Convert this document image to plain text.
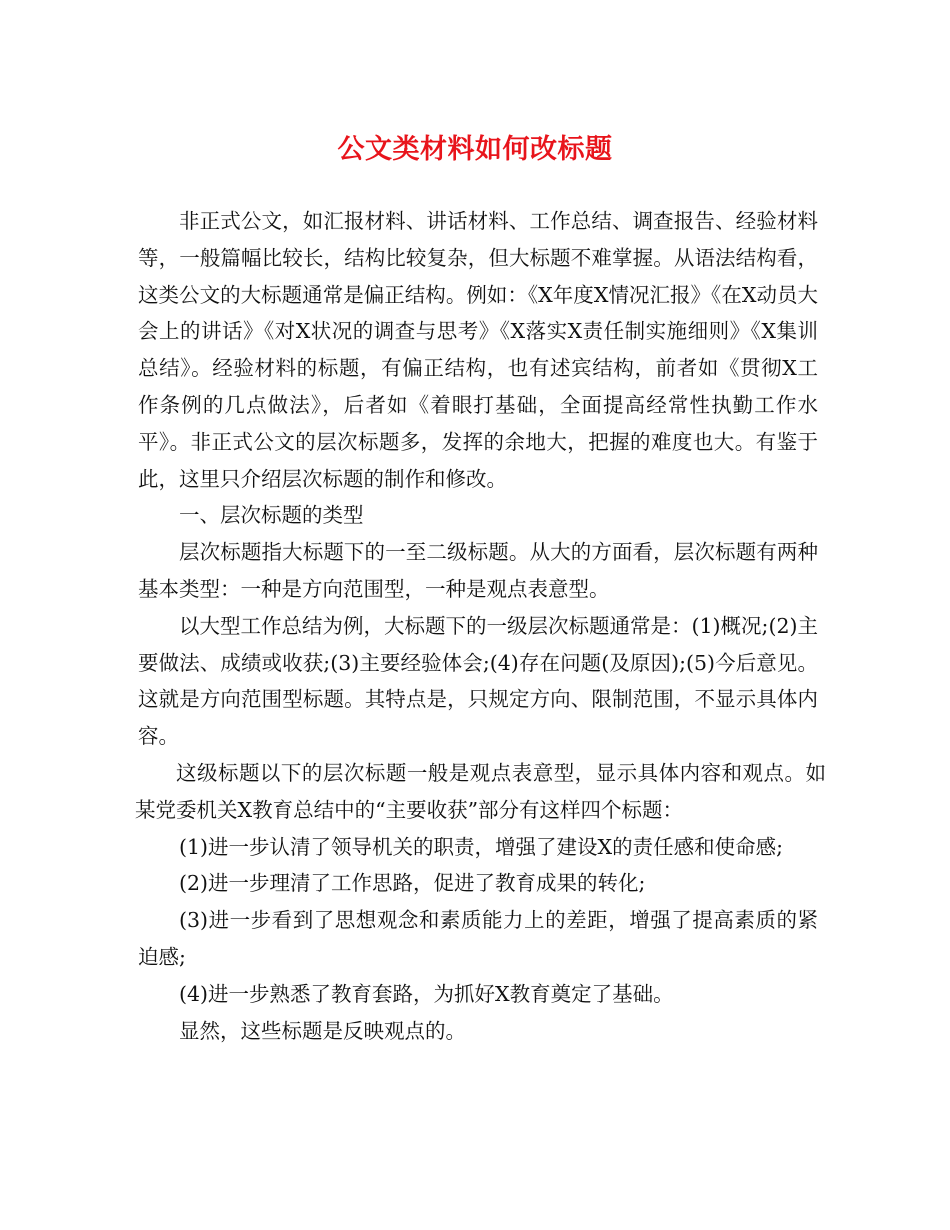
公文类材料如何改标题

非正式公文，如汇报材料、讲话材料、工作总结、调查报告、经验材料等，一般篇幅比较长，结构比较复杂，但大标题不难掌握。从语法结构看，这类公文的大标题通常是偏正结构。例如：《X年度X情况汇报》《在X动员大会上的讲话》《对X状况的调查与思考》《X落实X责任制实施细则》《X集训总结》。经验材料的标题，有偏正结构，也有述宾结构，前者如《贯彻X工作条例的几点做法》，后者如《着眼打基础，全面提高经常性执勤工作水平》。非正式公文的层次标题多，发挥的余地大，把握的难度也大。有鉴于此，这里只介绍层次标题的制作和修改。

一、层次标题的类型

层次标题指大标题下的一至二级标题。从大的方面看，层次标题有两种基本类型：一种是方向范围型，一种是观点表意型。

以大型工作总结为例，大标题下的一级层次标题通常是：(1)概况;(2)主要做法、成绩或收获;(3)主要经验体会;(4)存在问题(及原因);(5)今后意见。这就是方向范围型标题。其特点是，只规定方向、限制范围，不显示具体内容。

这级标题以下的层次标题一般是观点表意型，显示具体内容和观点。如某党委机关X教育总结中的“主要收获”部分有这样四个标题：

(1)进一步认清了领导机关的职责，增强了建设X的责任感和使命感;

(2)进一步理清了工作思路，促进了教育成果的转化;

(3)进一步看到了思想观念和素质能力上的差距，增强了提高素质的紧迫感;

(4)进一步熟悉了教育套路，为抓好X教育奠定了基础。

显然，这些标题是反映观点的。
